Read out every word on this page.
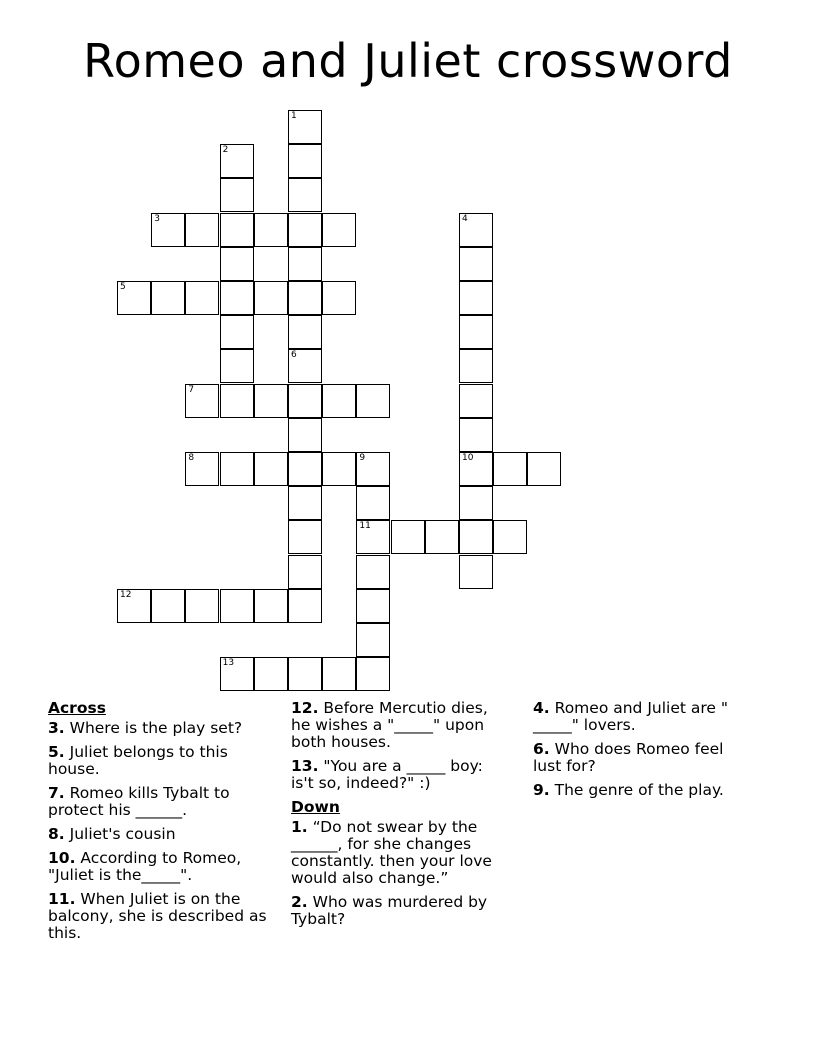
Romeo and Juliet crossword
1
6
2
3	4
10
5
7
8	9
11
12
13
Across
3. Where is the play set?
5. Juliet belongs to this house.
7. Romeo kills Tybalt to protect his ______.
8. Juliet's cousin
10. According to Romeo, "Juliet is the_____".
11. When Juliet is on the balcony, she is described as this.
12. Before Mercutio dies, he wishes a "_____" upon both houses.
13. "You are a _____ boy: is't so, indeed?" :)
Down
1. “Do not swear by the ______, for she changes constantly. then your love would also change.”
2. Who was murdered by Tybalt?
4. Romeo and Juliet are " _____" lovers.
6. Who does Romeo feel lust for?
9. The genre of the play.
